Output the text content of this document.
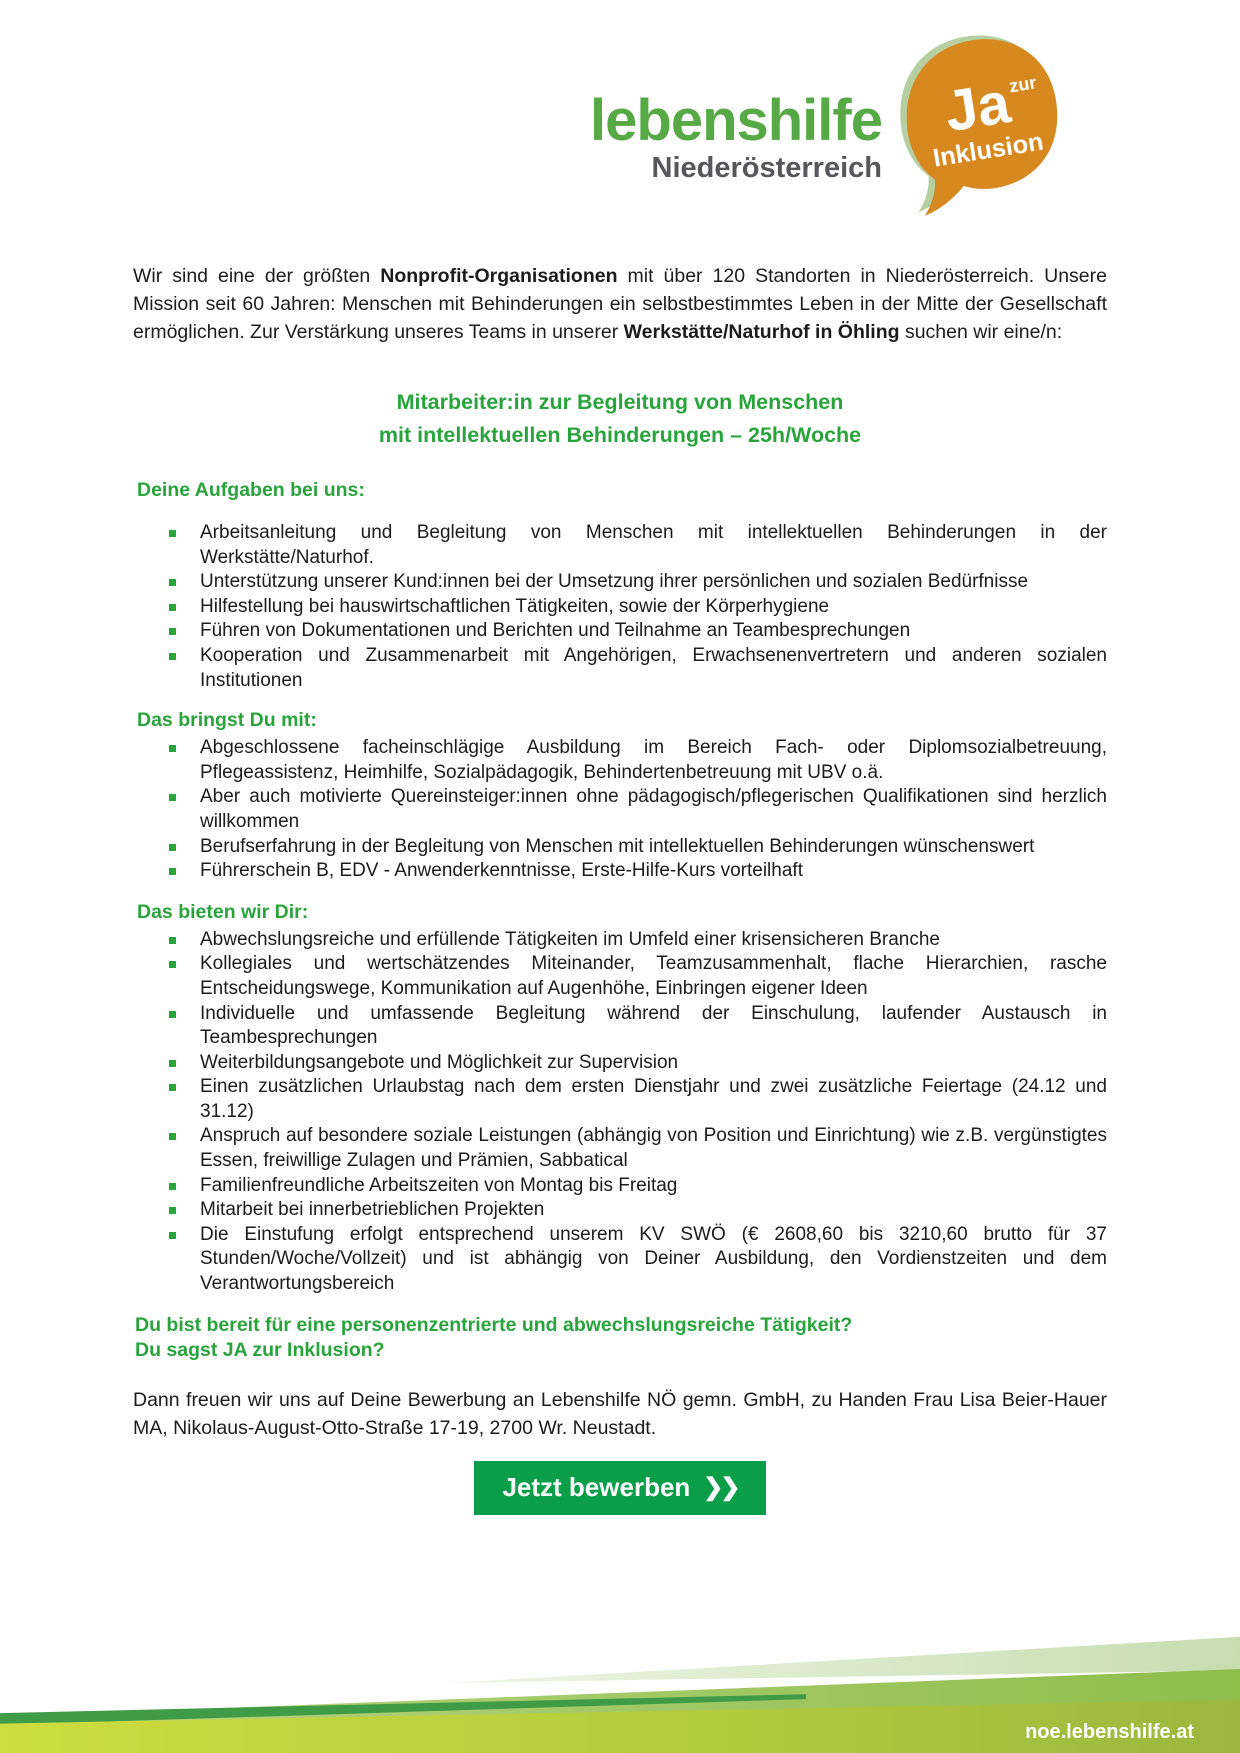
lebenshilfe
Niederösterreich
Ja
zur
Inklusion

Wir sind eine der größten Nonprofit-Organisationen mit über 120 Standorten in Niederösterreich. Unsere Mission seit 60 Jahren: Menschen mit Behinderungen ein selbstbestimmtes Leben in der Mitte der Gesellschaft ermöglichen. Zur Verstärkung unseres Teams in unserer Werkstätte/Naturhof in Öhling suchen wir eine/n:

Mitarbeiter:in zur Begleitung von Menschen
mit intellektuellen Behinderungen – 25h/Woche
Deine Aufgaben bei uns:
Arbeitsanleitung und Begleitung von Menschen mit intellektuellen Behinderungen in der Werkstätte/Naturhof.
Unterstützung unserer Kund:innen bei der Umsetzung ihrer persönlichen und sozialen Bedürfnisse
Hilfestellung bei hauswirtschaftlichen Tätigkeiten, sowie der Körperhygiene
Führen von Dokumentationen und Berichten und Teilnahme an Teambesprechungen
Kooperation und Zusammenarbeit mit Angehörigen, Erwachsenenvertretern und anderen sozialen Institutionen
Das bringst Du mit:
Abgeschlossene facheinschlägige Ausbildung im Bereich Fach- oder Diplomsozialbetreuung, Pflegeassistenz, Heimhilfe, Sozialpädagogik, Behindertenbetreuung mit UBV o.ä.
Aber auch motivierte Quereinsteiger:innen ohne pädagogisch/pflegerischen Qualifikationen sind herzlich willkommen
Berufserfahrung in der Begleitung von Menschen mit intellektuellen Behinderungen wünschenswert
Führerschein B, EDV - Anwenderkenntnisse, Erste-Hilfe-Kurs vorteilhaft
Das bieten wir Dir:
Abwechslungsreiche und erfüllende Tätigkeiten im Umfeld einer krisensicheren Branche
Kollegiales und wertschätzendes Miteinander, Teamzusammenhalt, flache Hierarchien, rasche Entscheidungswege, Kommunikation auf Augenhöhe, Einbringen eigener Ideen
Individuelle und umfassende Begleitung während der Einschulung, laufender Austausch in Teambesprechungen
Weiterbildungsangebote und Möglichkeit zur Supervision
Einen zusätzlichen Urlaubstag nach dem ersten Dienstjahr und zwei zusätzliche Feiertage (24.12 und 31.12)
Anspruch auf besondere soziale Leistungen (abhängig von Position und Einrichtung) wie z.B. vergünstigtes Essen, freiwillige Zulagen und Prämien, Sabbatical
Familienfreundliche Arbeitszeiten von Montag bis Freitag
Mitarbeit bei innerbetrieblichen Projekten
Die Einstufung erfolgt entsprechend unserem KV SWÖ (€ 2608,60 bis 3210,60 brutto für 37 Stunden/Woche/Vollzeit) und ist abhängig von Deiner Ausbildung, den Vordienstzeiten und dem Verantwortungsbereich
Du bist bereit für eine personenzentrierte und abwechslungsreiche Tätigkeit?
Du sagst JA zur Inklusion?

Dann freuen wir uns auf Deine Bewerbung an Lebenshilfe NÖ gemn. GmbH, zu Handen Frau Lisa Beier-Hauer MA, Nikolaus-August-Otto-Straße 17-19, 2700 Wr. Neustadt.

Jetzt bewerben ❯❯
noe.lebenshilfe.at
